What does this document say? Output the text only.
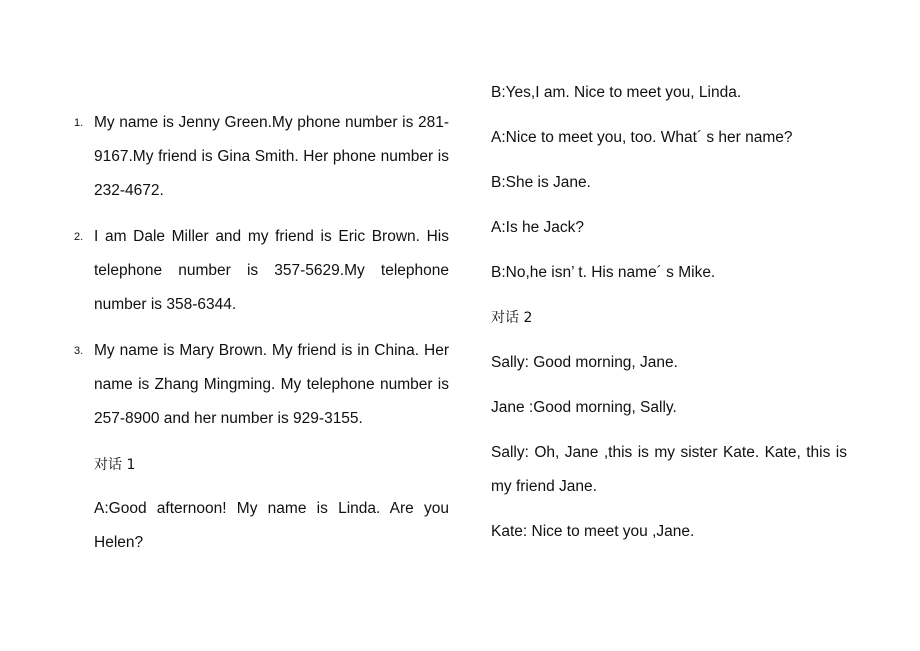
1. My name is Jenny Green.My phone number is 281-9167.My friend is Gina Smith. Her phone number is 232-4672.
2. I am Dale Miller and my friend is Eric Brown. His telephone number is 357-5629.My telephone number is 358-6344.
3. My name is Mary Brown. My friend is in China. Her name is Zhang Mingming. My telephone number is 257-8900 and her number is 929-3155.
对话 1
A:Good afternoon! My name is Linda. Are you Helen?
B:Yes,I am. Nice to meet you, Linda.
A:Nice to meet you, too. What´ s her name?
B:She is Jane.
A:Is he Jack?
B:No,he isn’ t. His name´ s Mike.
对话 2
Sally: Good morning, Jane.
Jane :Good morning, Sally.
Sally: Oh, Jane ,this is my sister Kate. Kate, this is my friend Jane.
Kate: Nice to meet you ,Jane.
